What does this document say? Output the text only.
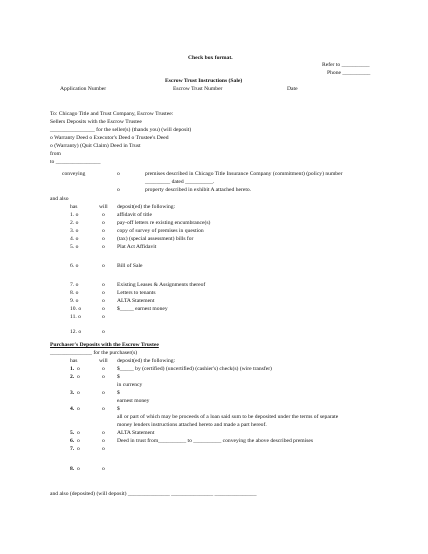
Check box format.
Refer to __________
Phone __________
Escrow Trust Instructions (Sale)
Application Number	Escrow Trust Number	Date
To: Chicago Title and Trust Company, Escrow Trustee:
Sellers Deposits with the Escrow Trustee
________________ for the seller(s) (thands you) (will deposit)
o Warranty Deed o Executor's Deed o Trustee's Deed
o (Warranty) (Quit Claim) Deed in Trust
from
to ________________
conveying	o	premises described in Chicago Title Insurance Company (commitment) (policy) number
_________ dated __________.
o	property described in exhibit A attached hereto.
and also
has	will deposit(ed) the following:
1. o	o affidavit of title
2. o	o pay-off letters re existing encumbrance(s)
3. o	o copy of survey of premises in question
4. o	o (tax) (special assessment) bills for
5. o	o Plat Act Affidavit
6. o	o Bill of Sale
7. o	o Existing Leases & Assignments thereof
8. o	o Letters to tenants
9. o	o ALTA Statement
10. o	o $_____ earnest money
11. o	o
12. o	o
Purchaser's Deposits with the Escrow Trustee
_______________ for the purchaser(s)
has	will deposit(ed) the following:
1. o	o $_____ by (certified) (uncertified) (cashier's) check(s) (wire transfer)
2. o	o $
in currency
3. o	o $
earnest money
4. o	o $
all or part of which may be proceeds of a loan said sum to be deposited under the terms of separate
money lenders instructions attached hereto and made a part hereof.
5. o	o ALTA Statement
6. o	o Deed in trust from__________ to __________ conveying the above described premises
7. o	o
8. o	o
and also (deposited) (will deposit) _______________ _______________ _______________
